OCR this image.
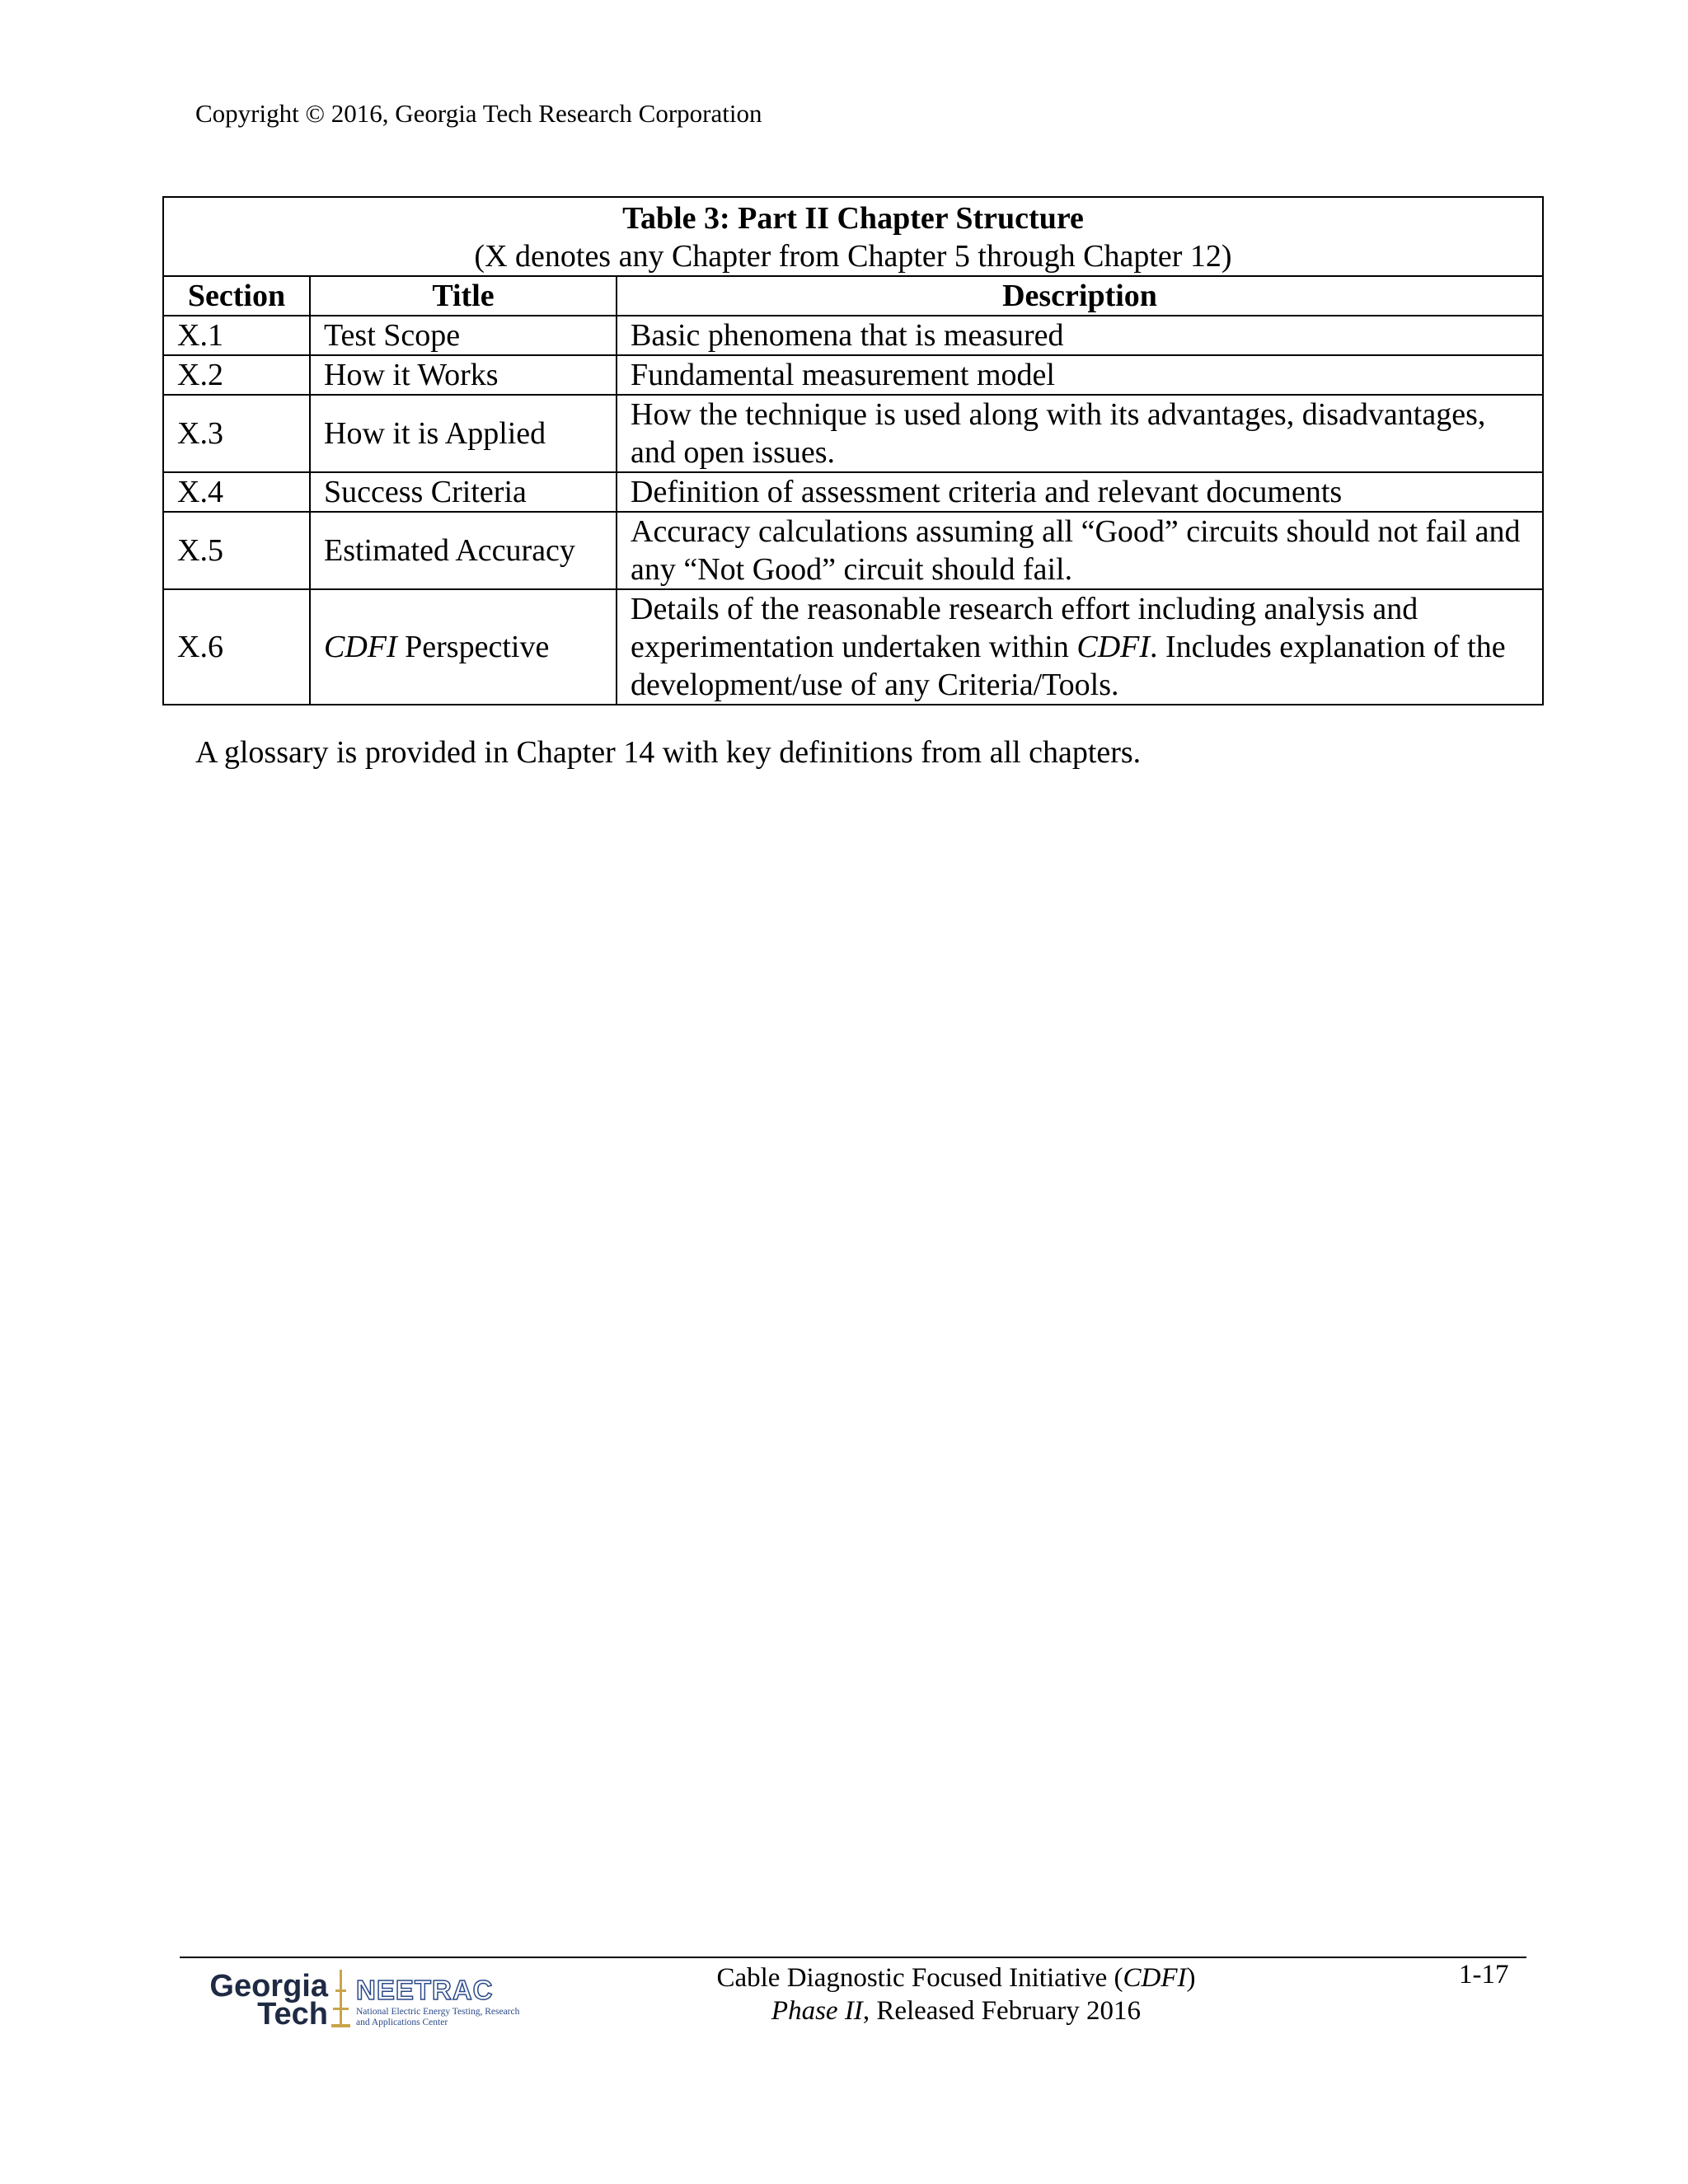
Copyright © 2016, Georgia Tech Research Corporation
Table 3: Part II Chapter Structure
(X denotes any Chapter from Chapter 5 through Chapter 12)		

Section	Title	Description
X.1	Test Scope	Basic phenomena that is measured
X.2	How it Works	Fundamental measurement model
X.3	How it is Applied	How the technique is used along with its advantages, disadvantages, and open issues.
X.4	Success Criteria	Definition of assessment criteria and relevant documents
X.5	Estimated Accuracy	Accuracy calculations assuming all “Good” circuits should not fail and any “Not Good” circuit should fail.
X.6	CDFI Perspective	Details of the reasonable research effort including analysis and experimentation undertaken within CDFI. Includes explanation of the development/use of any Criteria/Tools.
A glossary is provided in Chapter 14 with key definitions from all chapters.
Georgia
Tech
NEETRAC
National Electric Energy Testing, Research
and Applications Center
Cable Diagnostic Focused Initiative (CDFI)
Phase II, Released February 2016
1-17
